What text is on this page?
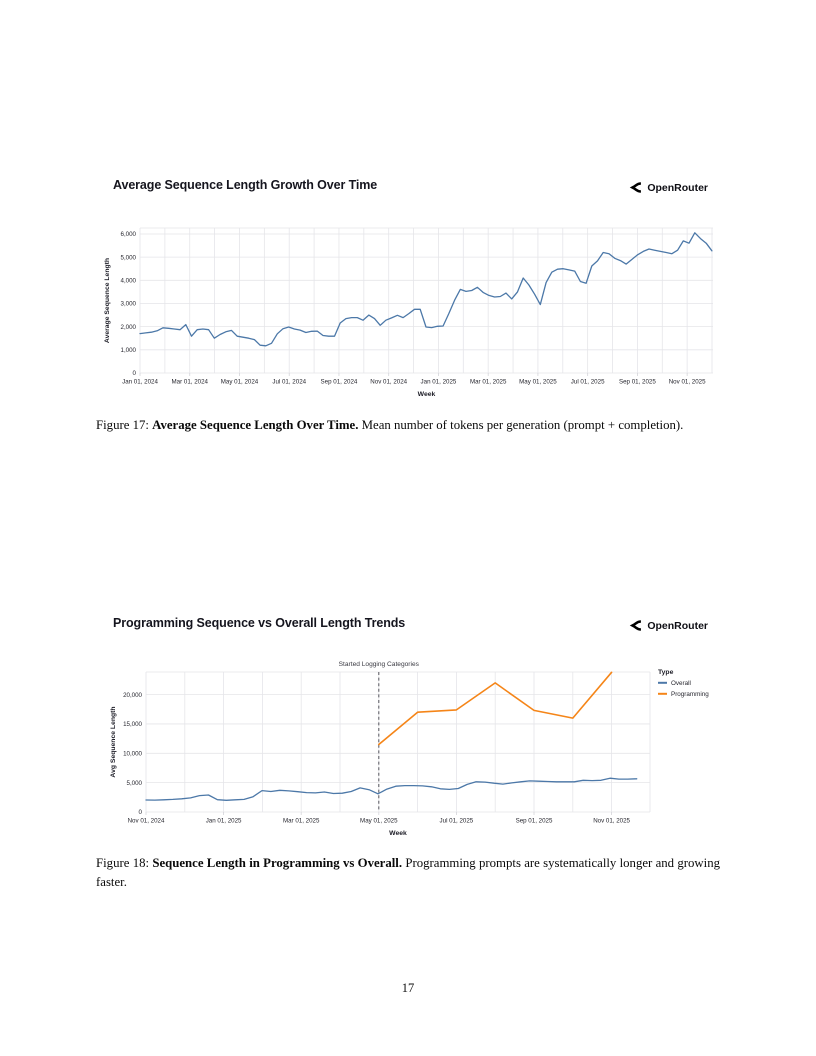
Average Sequence Length Growth Over Time	OpenRouter
0
1,000
2,000
3,000
4,000
5,000
6,000
Jan 01, 2024 Mar 01, 2024 May 01, 2024 Jul 01, 2024 Sep 01, 2024 Nov 01, 2024 Jan 01, 2025 Mar 01, 2025 May 01, 2025 Jul 01, 2025 Sep 01, 2025 Nov 01, 2025
Week
Average Sequence Length

Figure 17: Average Sequence Length Over Time. Mean number of tokens per generation (prompt + completion).

Programming Sequence vs Overall Length Trends	OpenRouter
Started Logging Categories
0
5,000
10,000
15,000
20,000
Nov 01, 2024	Jan 01, 2025	Mar 01, 2025	May 01, 2025	Jul 01, 2025	Sep 01, 2025	Nov 01, 2025
Week
Avg Sequence Length
Type
Overall
Programming

Figure 18: Sequence Length in Programming vs Overall. Programming prompts are systematically longer and growing faster.

17
